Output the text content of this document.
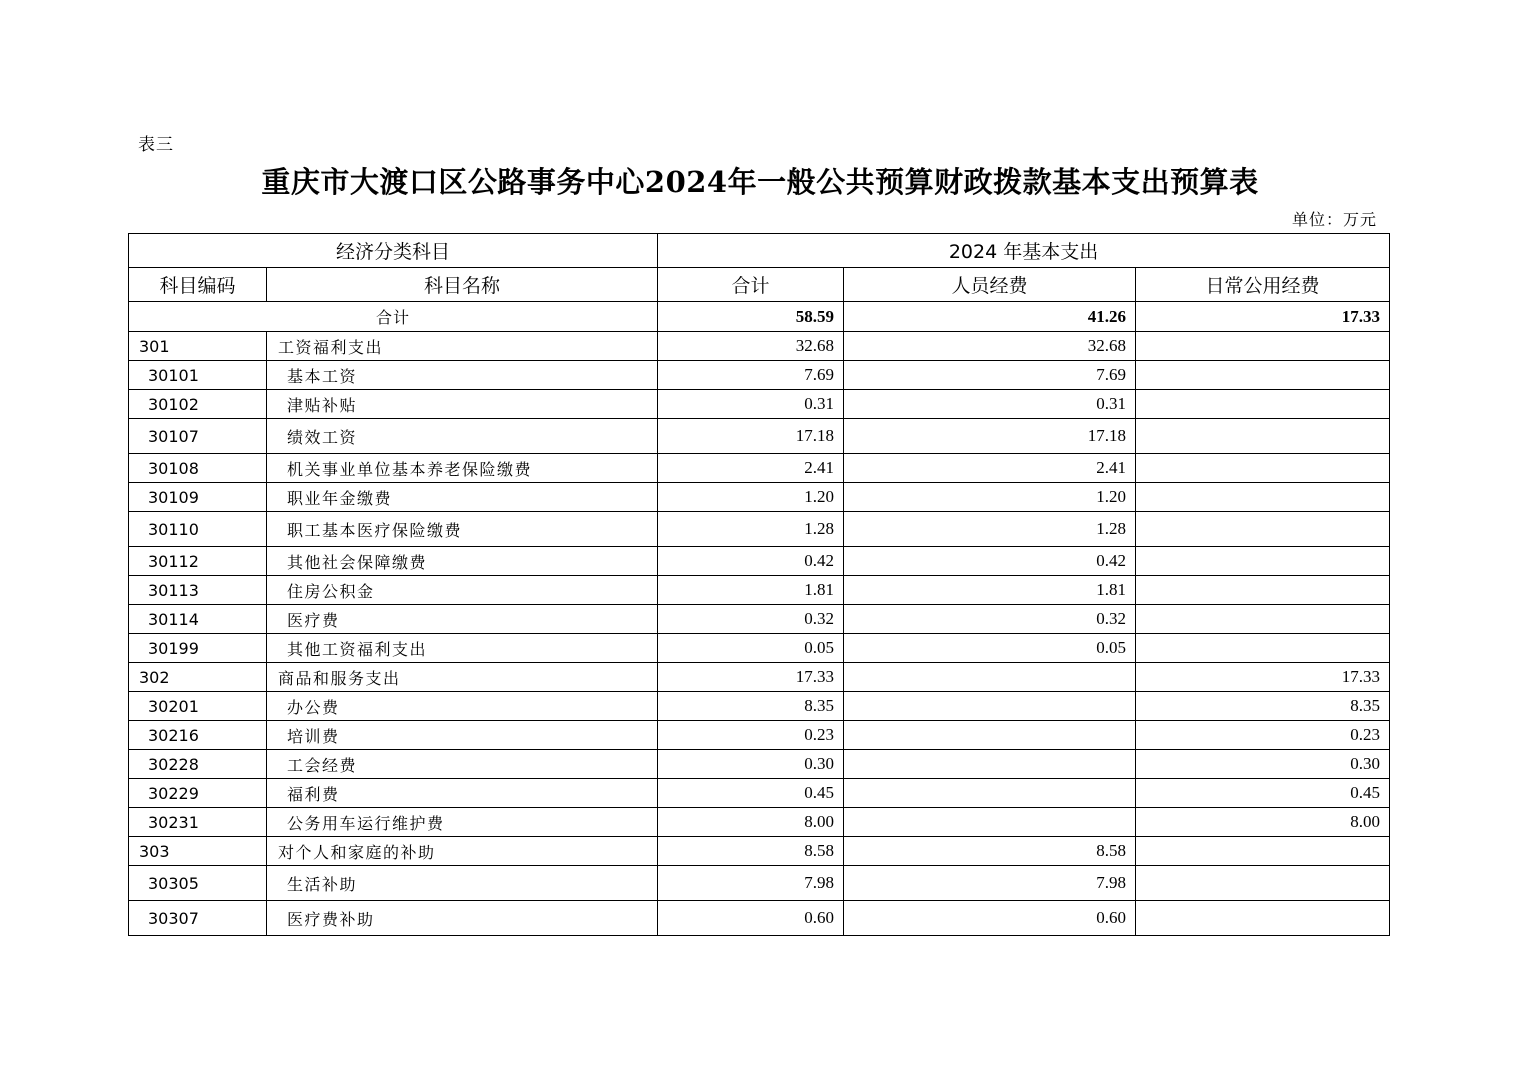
表三
重庆市大渡口区公路事务中心2024年一般公共预算财政拨款基本支出预算表
单位：万元
经济分类科目		2024 年基本支出		
科目编码	科目名称	合计	人员经费	日常公用经费
合计		58.59	41.26	17.33
301	工资福利支出	32.68	32.68	
30101	基本工资	7.69	7.69	
30102	津贴补贴	0.31	0.31	
30107	绩效工资	17.18	17.18	
30108	机关事业单位基本养老保险缴费	2.41	2.41	
30109	职业年金缴费	1.20	1.20	
30110	职工基本医疗保险缴费	1.28	1.28	
30112	其他社会保障缴费	0.42	0.42	
30113	住房公积金	1.81	1.81	
30114	医疗费	0.32	0.32	
30199	其他工资福利支出	0.05	0.05	
302	商品和服务支出	17.33		17.33
30201	办公费	8.35		8.35
30216	培训费	0.23		0.23
30228	工会经费	0.30		0.30
30229	福利费	0.45		0.45
30231	公务用车运行维护费	8.00		8.00
303	对个人和家庭的补助	8.58	8.58	
30305	生活补助	7.98	7.98	
30307	医疗费补助	0.60	0.60	
